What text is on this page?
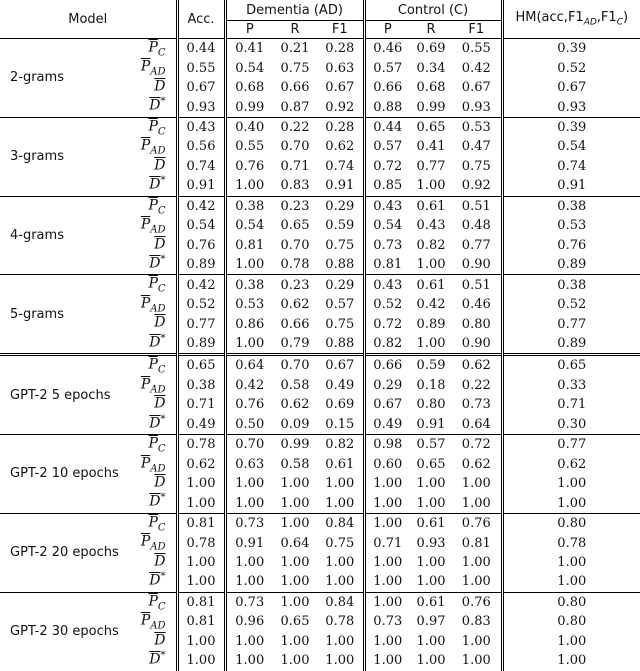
Model		Acc.	Dementia (AD)			Control (C)			$HM(acc,F1_{AD},F1_C)$
			P	R	F1	P	R	F1	
2-grams	$\overline{P}_C$	0.44	0.41	0.21	0.28	0.46	0.69	0.55	0.39
	$\overline{P}_{AD}$	0.55	0.54	0.75	0.63	0.57	0.34	0.42	0.52
	$\overline{D}$	0.67	0.68	0.66	0.67	0.66	0.68	0.67	0.67
	$\overline{D}^*$	0.93	0.99	0.87	0.92	0.88	0.99	0.93	0.93
3-grams	$\overline{P}_C$	0.43	0.40	0.22	0.28	0.44	0.65	0.53	0.39
	$\overline{P}_{AD}$	0.56	0.55	0.70	0.62	0.57	0.41	0.47	0.54
	$\overline{D}$	0.74	0.76	0.71	0.74	0.72	0.77	0.75	0.74
	$\overline{D}^*$	0.91	1.00	0.83	0.91	0.85	1.00	0.92	0.91
4-grams	$\overline{P}_C$	0.42	0.38	0.23	0.29	0.43	0.61	0.51	0.38
	$\overline{P}_{AD}$	0.54	0.54	0.65	0.59	0.54	0.43	0.48	0.53
	$\overline{D}$	0.76	0.81	0.70	0.75	0.73	0.82	0.77	0.76
	$\overline{D}^*$	0.89	1.00	0.78	0.88	0.81	1.00	0.90	0.89
5-grams	$\overline{P}_C$	0.42	0.38	0.23	0.29	0.43	0.61	0.51	0.38
	$\overline{P}_{AD}$	0.52	0.53	0.62	0.57	0.52	0.42	0.46	0.52
	$\overline{D}$	0.77	0.86	0.66	0.75	0.72	0.89	0.80	0.77
	$\overline{D}^*$	0.89	1.00	0.79	0.88	0.82	1.00	0.90	0.89
GPT-2 5 epochs	$\overline{P}_C$	0.65	0.64	0.70	0.67	0.66	0.59	0.62	0.65
	$\overline{P}_{AD}$	0.38	0.42	0.58	0.49	0.29	0.18	0.22	0.33
	$\overline{D}$	0.71	0.76	0.62	0.69	0.67	0.80	0.73	0.71
	$\overline{D}^*$	0.49	0.50	0.09	0.15	0.49	0.91	0.64	0.30
GPT-2 10 epochs	$\overline{P}_C$	0.78	0.70	0.99	0.82	0.98	0.57	0.72	0.77
	$\overline{P}_{AD}$	0.62	0.63	0.58	0.61	0.60	0.65	0.62	0.62
	$\overline{D}$	1.00	1.00	1.00	1.00	1.00	1.00	1.00	1.00
	$\overline{D}^*$	1.00	1.00	1.00	1.00	1.00	1.00	1.00	1.00
GPT-2 20 epochs	$\overline{P}_C$	0.81	0.73	1.00	0.84	1.00	0.61	0.76	0.80
	$\overline{P}_{AD}$	0.78	0.91	0.64	0.75	0.71	0.93	0.81	0.78
	$\overline{D}$	1.00	1.00	1.00	1.00	1.00	1.00	1.00	1.00
	$\overline{D}^*$	1.00	1.00	1.00	1.00	1.00	1.00	1.00	1.00
GPT-2 30 epochs	$\overline{P}_C$	0.81	0.73	1.00	0.84	1.00	0.61	0.76	0.80
	$\overline{P}_{AD}$	0.81	0.96	0.65	0.78	0.73	0.97	0.83	0.80
	$\overline{D}$	1.00	1.00	1.00	1.00	1.00	1.00	1.00	1.00
	$\overline{D}^*$	1.00	1.00	1.00	1.00	1.00	1.00	1.00	1.00
